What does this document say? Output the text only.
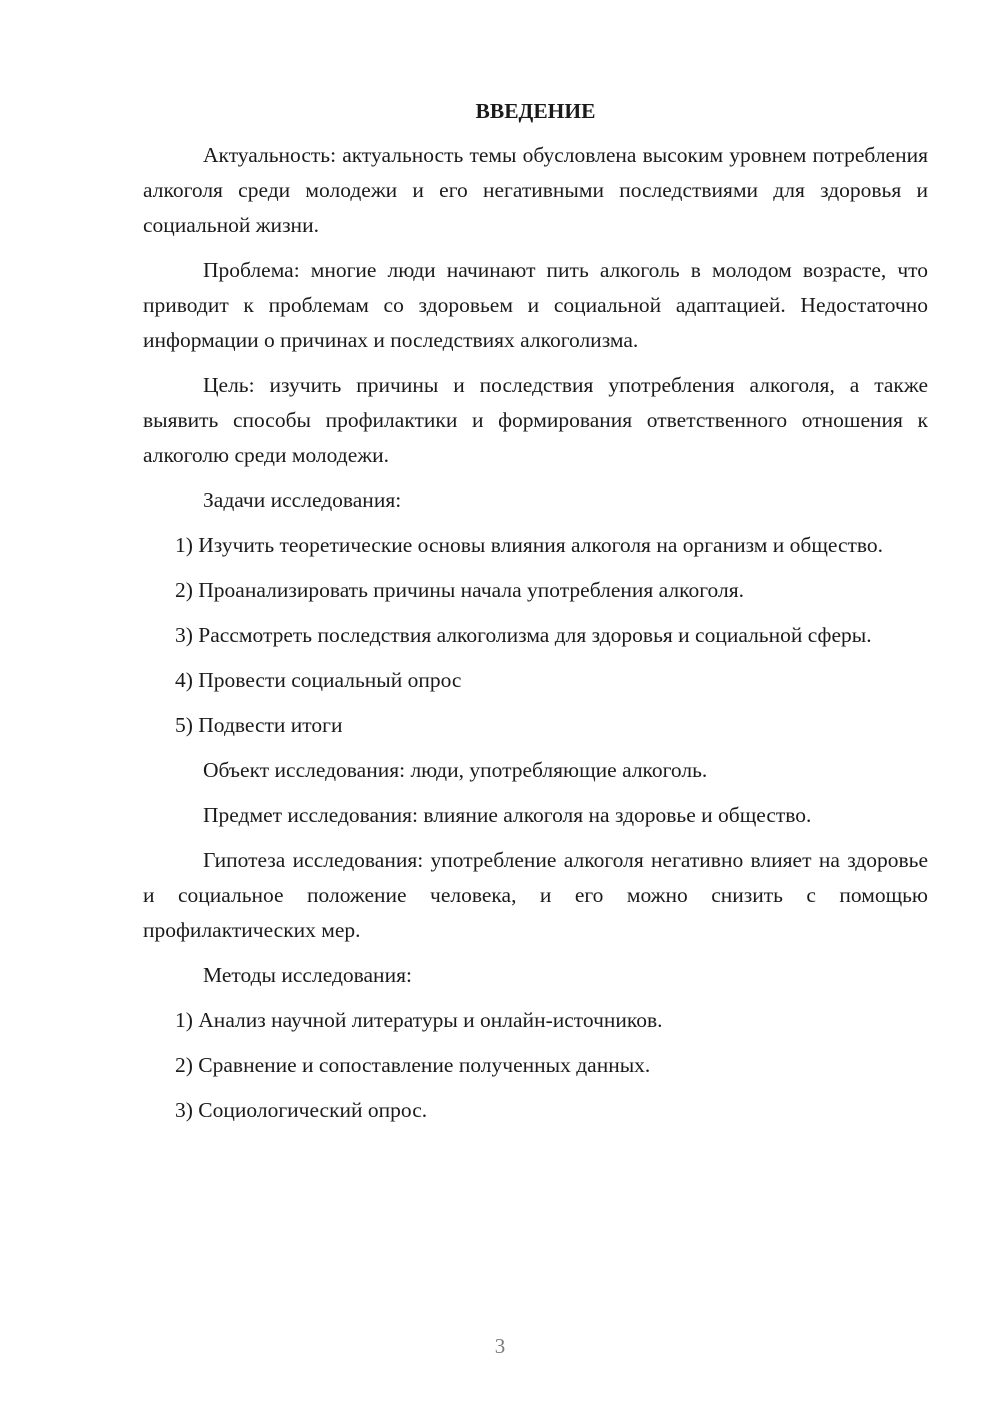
ВВЕДЕНИЕ

Актуальность: актуальность темы обусловлена высоким уровнем потребления алкоголя среди молодежи и его негативными последствиями для здоровья и социальной жизни.

Проблема: многие люди начинают пить алкоголь в молодом возрасте, что приводит к проблемам со здоровьем и социальной адаптацией. Недостаточно информации о причинах и последствиях алкоголизма.

Цель: изучить причины и последствия употребления алкоголя, а также выявить способы профилактики и формирования ответственного отношения к алкоголю среди молодежи.

Задачи исследования:

1) Изучить теоретические основы влияния алкоголя на организм и общество.

2) Проанализировать причины начала употребления алкоголя.

3) Рассмотреть последствия алкоголизма для здоровья и социальной сферы.

4) Провести социальный опрос

5) Подвести итоги

Объект исследования: люди, употребляющие алкоголь.

Предмет исследования: влияние алкоголя на здоровье и общество.

Гипотеза исследования: употребление алкоголя негативно влияет на здоровье и социальное положение человека, и его можно снизить с помощью профилактических мер.

Методы исследования:

1) Анализ научной литературы и онлайн-источников.

2) Сравнение и сопоставление полученных данных.

3) Социологический опрос.

3
